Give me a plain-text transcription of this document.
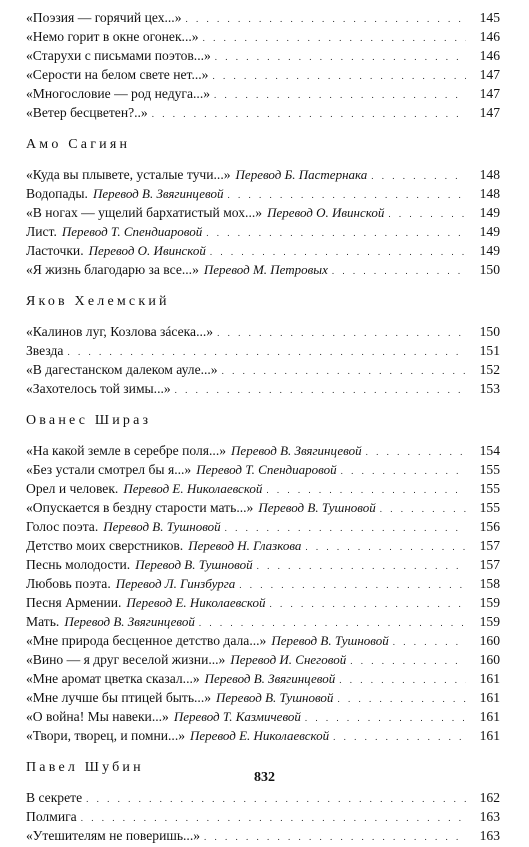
«Поэзия — горячий цех...» . . .	145
«Немо горит в окне огонек...» . . .	146
«Старухи с письмами поэтов...» . . .	146
«Серости на белом свете нет...» . . .	147
«Многословие — род недуга...» . . .	147
«Ветер бесцветен?..» . . .	147
Амо Сагиян
«Куда вы плывете, усталые тучи...» Перевод Б. Пастернака . . .	148
Водопады. Перевод В. Звягинцевой . . .	148
«В ногах — ущелий бархатистый мох...» Перевод О. Ивинской . . .	149
Лист. Перевод Т. Спендиаровой . . .	149
Ласточки. Перевод О. Ивинской . . .	149
«Я жизнь благодарю за все...» Перевод М. Петровых . . .	150
Яков Хелемский
«Калинов луг, Козлова зáсека...» . . .	150
Звезда . . .	151
«В дагестанском далеком ауле...» . . .	152
«Захотелось той зимы...» . . .	153
Ованес Шираз
«На какой земле в серебре поля...» Перевод В. Звягинцевой . . .	154
«Без устали смотрел бы я...» Перевод Т. Спендиаровой . . .	155
Орел и человек. Перевод Е. Николаевской . . .	155
«Опускается в бездну старости мать...» Перевод В. Тушновой . . .	155
Голос поэта. Перевод В. Тушновой . . .	156
Детство моих сверстников. Перевод Н. Глазкова . . .	157
Песнь молодости. Перевод В. Тушновой . . .	157
Любовь поэта. Перевод Л. Гинзбурга . . .	158
Песня Армении. Перевод Е. Николаевской . . .	159
Мать. Перевод В. Звягинцевой . . .	159
«Мне природа бесценное детство дала...» Перевод В. Тушновой . . .	160
«Вино — я друг веселой жизни...» Перевод И. Снеговой . . .	160
«Мне аромат цветка сказал...» Перевод В. Звягинцевой . . .	161
«Мне лучше бы птицей быть...» Перевод В. Тушновой . . .	161
«О война! Мы навеки...» Перевод Т. Казмичевой . . .	161
«Твори, творец, и помни...» Перевод Е. Николаевской . . .	161
Павел Шубин
В секрете . . .	162
Полмига . . .	163
«Утешителям не поверишь...» . . .	163
832
